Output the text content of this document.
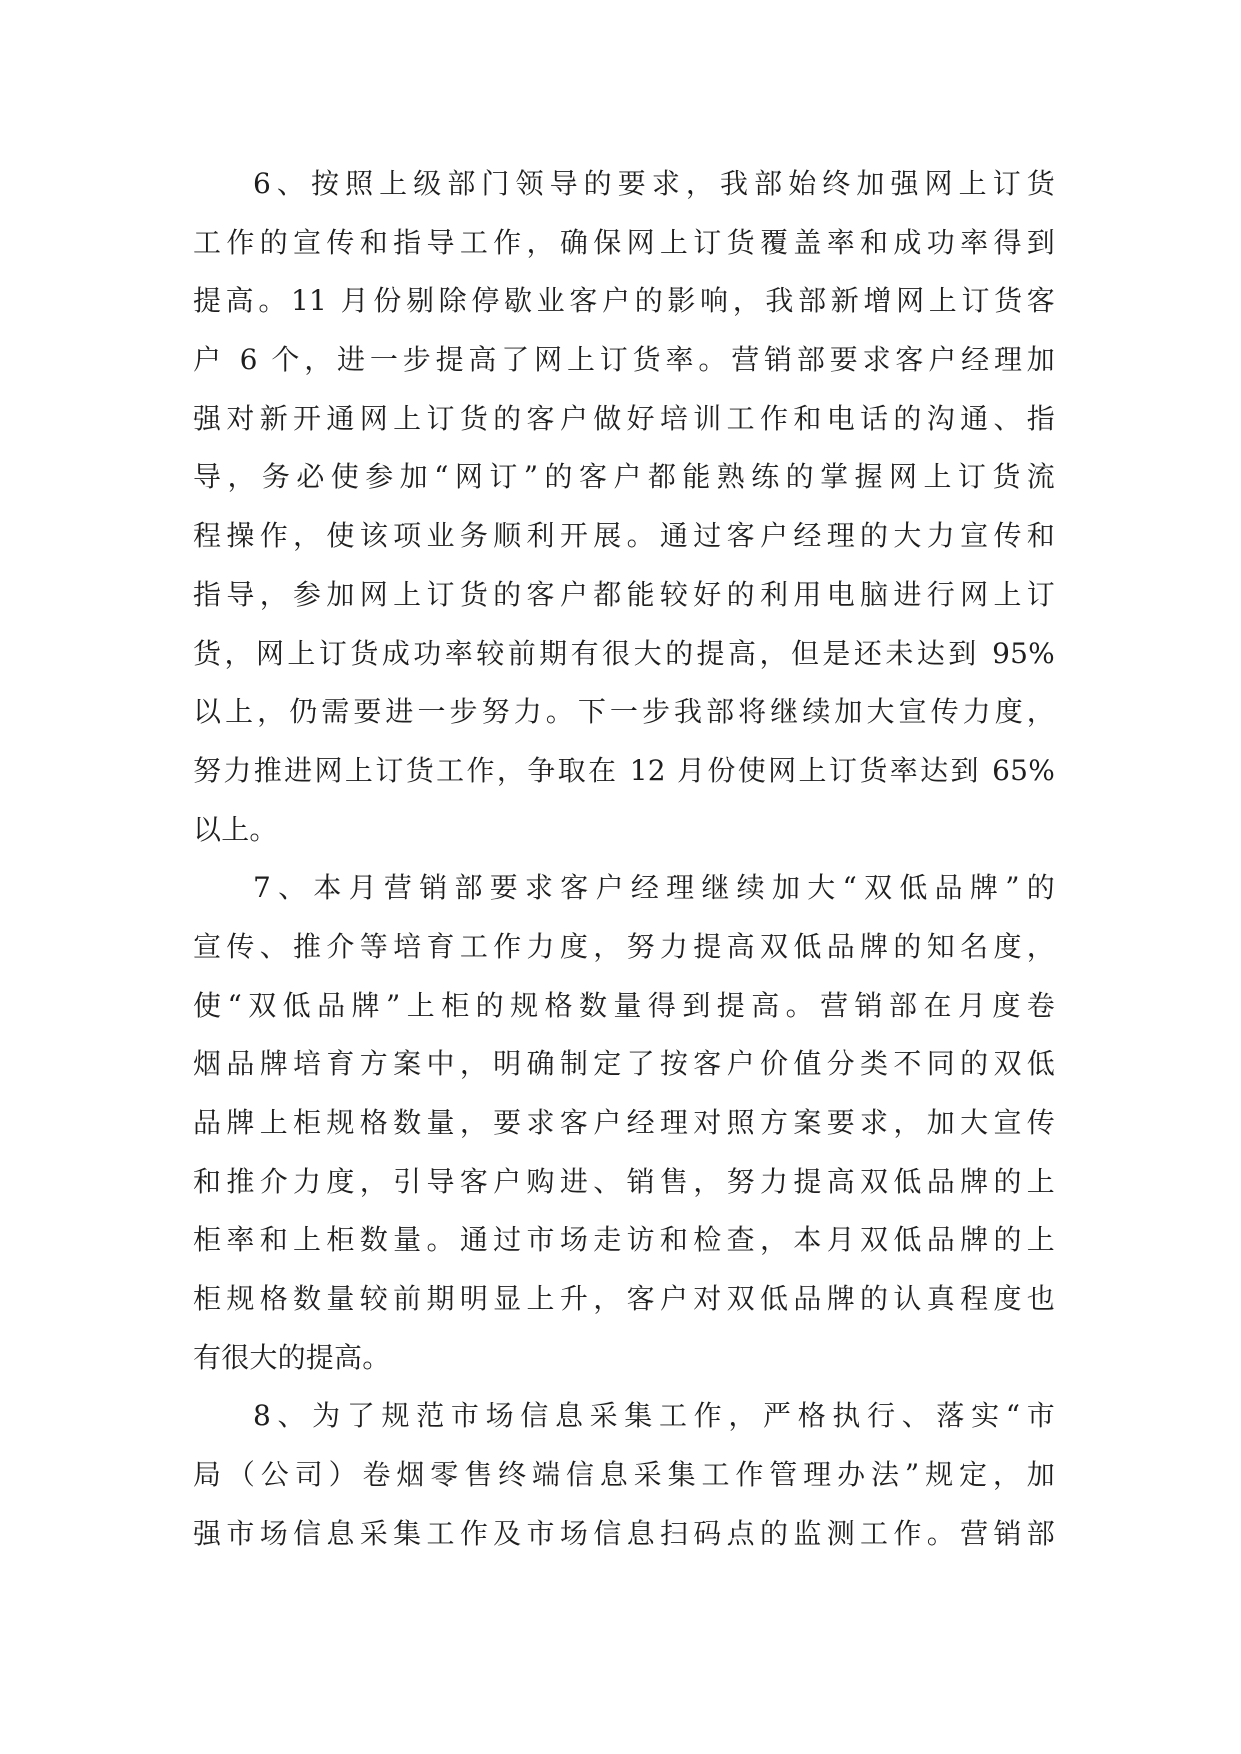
6、按照上级部门领导的要求，我部始终加强网上订货
工作的宣传和指导工作，确保网上订货覆盖率和成功率得到
提高。11 月份剔除停歇业客户的影响，我部新增网上订货客
户 6 个，进一步提高了网上订货率。营销部要求客户经理加
强对新开通网上订货的客户做好培训工作和电话的沟通、指
导，务必使参加“网订”的客户都能熟练的掌握网上订货流
程操作，使该项业务顺利开展。通过客户经理的大力宣传和
指导，参加网上订货的客户都能较好的利用电脑进行网上订
货，网上订货成功率较前期有很大的提高，但是还未达到 95%
以上，仍需要进一步努力。下一步我部将继续加大宣传力度，
努力推进网上订货工作，争取在 12 月份使网上订货率达到 65%
以上。
7、本月营销部要求客户经理继续加大“双低品牌”的
宣传、推介等培育工作力度，努力提高双低品牌的知名度，
使“双低品牌”上柜的规格数量得到提高。营销部在月度卷
烟品牌培育方案中，明确制定了按客户价值分类不同的双低
品牌上柜规格数量，要求客户经理对照方案要求，加大宣传
和推介力度，引导客户购进、销售，努力提高双低品牌的上
柜率和上柜数量。通过市场走访和检查，本月双低品牌的上
柜规格数量较前期明显上升，客户对双低品牌的认真程度也
有很大的提高。
8、为了规范市场信息采集工作，严格执行、落实“市
局（公司）卷烟零售终端信息采集工作管理办法”规定，加
强市场信息采集工作及市场信息扫码点的监测工作。营销部
